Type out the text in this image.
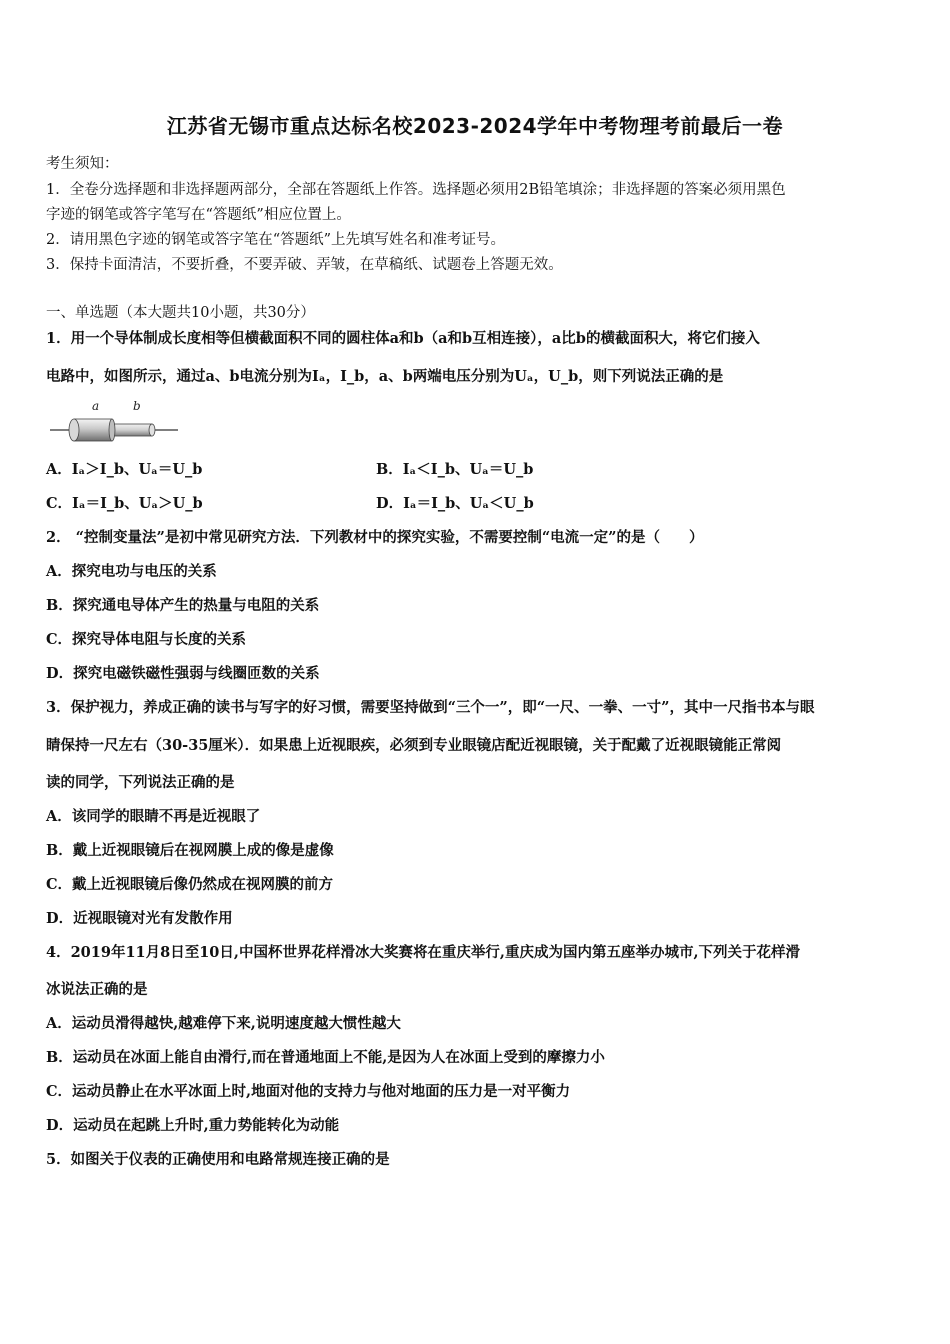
江苏省无锡市重点达标名校2023-2024学年中考物理考前最后一卷
考生须知：
1．全卷分选择题和非选择题两部分，全部在答题纸上作答。选择题必须用2B铅笔填涂；非选择题的答案必须用黑色
字迹的钢笔或答字笔写在“答题纸”相应位置上。
2．请用黑色字迹的钢笔或答字笔在“答题纸”上先填写姓名和准考证号。
3．保持卡面清洁，不要折叠，不要弄破、弄皱，在草稿纸、试题卷上答题无效。
一、单选题（本大题共10小题，共30分）
1．用一个导体制成长度相等但横截面积不同的圆柱体a和b（a和b互相连接），a比b的横截面积大，将它们接入
电路中，如图所示，通过a、b电流分别为Iₐ，I_b，a、b两端电压分别为Uₐ，U_b，则下列说法正确的是
a	b
A．Iₐ＞I_b、Uₐ＝U_b	B．Iₐ＜I_b、Uₐ＝U_b
C．Iₐ＝I_b、Uₐ＞U_b	D．Iₐ＝I_b、Uₐ＜U_b
2． “控制变量法”是初中常见研究方法．下列教材中的探究实验，不需要控制“电流一定”的是（　　）
A．探究电功与电压的关系
B．探究通电导体产生的热量与电阻的关系
C．探究导体电阻与长度的关系
D．探究电磁铁磁性强弱与线圈匝数的关系
3．保护视力，养成正确的读书与写字的好习惯，需要坚持做到“三个一”，即“一尺、一拳、一寸”，其中一尺指书本与眼
睛保持一尺左右（30-35厘米）．如果患上近视眼疾，必须到专业眼镜店配近视眼镜，关于配戴了近视眼镜能正常阅
读的同学，下列说法正确的是
A．该同学的眼睛不再是近视眼了
B．戴上近视眼镜后在视网膜上成的像是虚像
C．戴上近视眼镜后像仍然成在视网膜的前方
D．近视眼镜对光有发散作用
4．2019年11月8日至10日,中国杯世界花样滑冰大奖赛将在重庆举行,重庆成为国内第五座举办城市,下列关于花样滑
冰说法正确的是
A．运动员滑得越快,越难停下来,说明速度越大惯性越大
B．运动员在冰面上能自由滑行,而在普通地面上不能,是因为人在冰面上受到的摩擦力小
C．运动员静止在水平冰面上时,地面对他的支持力与他对地面的压力是一对平衡力
D．运动员在起跳上升时,重力势能转化为动能
5．如图关于仪表的正确使用和电路常规连接正确的是
